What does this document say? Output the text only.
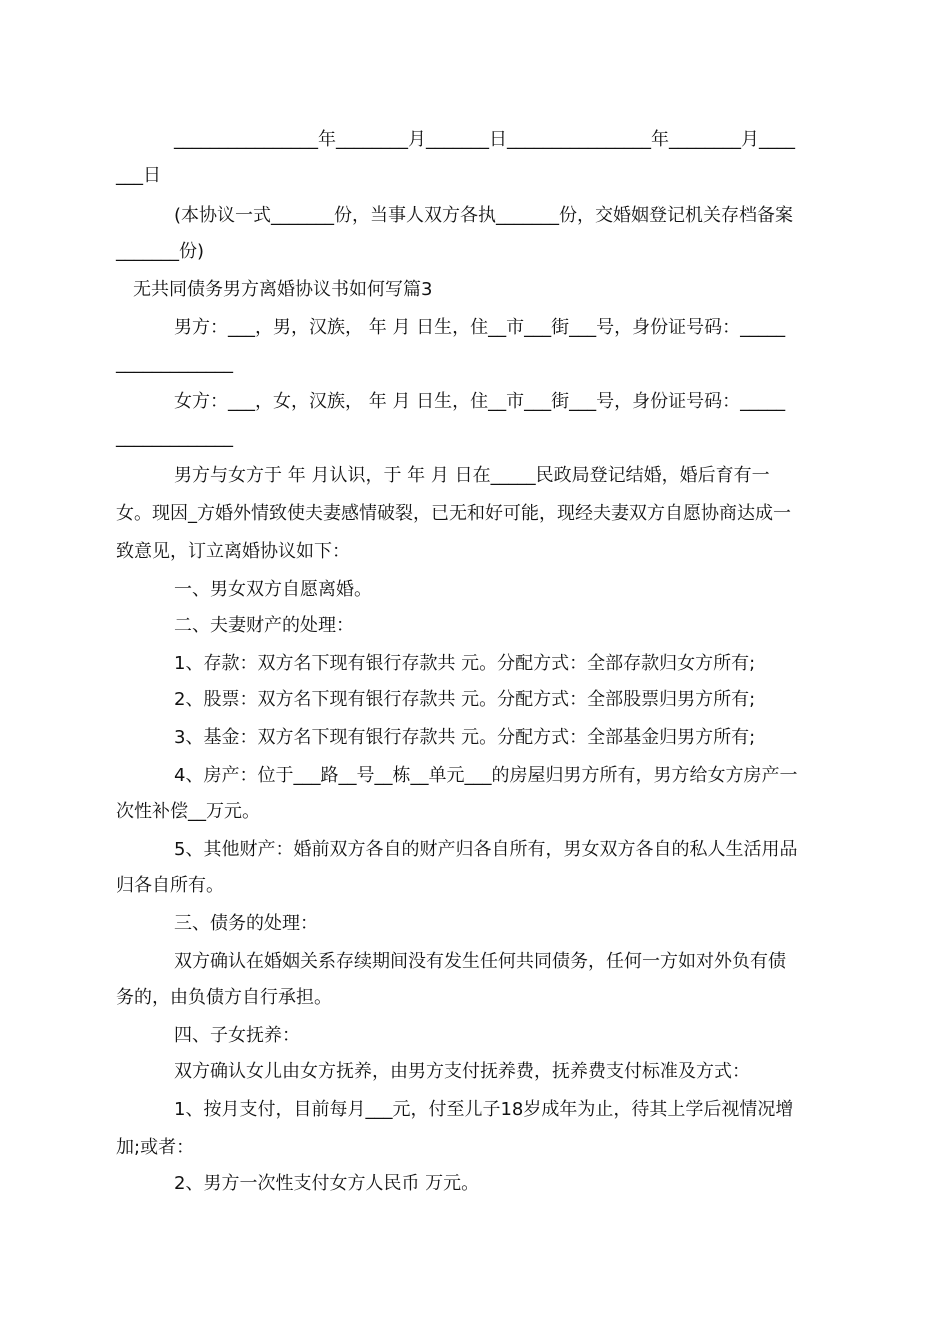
________________年________月_______日________________年________月____
___日
(本协议一式_______份，当事人双方各执_______份，交婚姻登记机关存档备案
_______份)
无共同债务男方离婚协议书如何写篇3
男方：___，男，汉族， 年 月 日生，住__市___街___号，身份证号码：_____
_____________
女方：___，女，汉族， 年 月 日生，住__市___街___号，身份证号码：_____
_____________
男方与女方于 年 月认识，于 年 月 日在_____民政局登记结婚，婚后育有一
女。现因_方婚外情致使夫妻感情破裂，已无和好可能，现经夫妻双方自愿协商达成一
致意见，订立离婚协议如下：
一、男女双方自愿离婚。
二、夫妻财产的处理：
1、存款：双方名下现有银行存款共 元。分配方式：全部存款归女方所有;
2、股票：双方名下现有银行存款共 元。分配方式：全部股票归男方所有;
3、基金：双方名下现有银行存款共 元。分配方式：全部基金归男方所有;
4、房产：位于___路__号__栋__单元___的房屋归男方所有，男方给女方房产一
次性补偿__万元。
5、其他财产：婚前双方各自的财产归各自所有，男女双方各自的私人生活用品
归各自所有。
三、债务的处理：
双方确认在婚姻关系存续期间没有发生任何共同债务，任何一方如对外负有债
务的，由负债方自行承担。
四、子女抚养：
双方确认女儿由女方抚养，由男方支付抚养费，抚养费支付标准及方式：
1、按月支付，目前每月___元，付至儿子18岁成年为止，待其上学后视情况增
加;或者：
2、男方一次性支付女方人民币 万元。
